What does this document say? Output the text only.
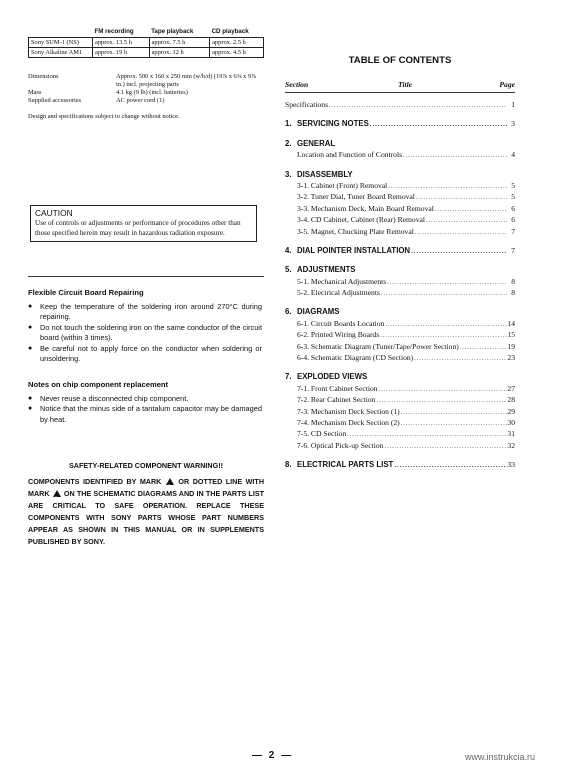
	FM recording	Tape playback	CD playback
Sony SUM-1 (NS)	approx. 13.5 h	approx. 7.5 h	approx. 2.5 h
Sony Alkaline AM1	approx. 19 h	approx. 12 h	approx. 4.5 h
Dimensions	Approx. 500 x 160 x 250 mm (w/h/d) (19⅞ x 6⅜ x 9⅞ in.) incl. projecting parts
Mass	4.1 kg (9 lb) (incl. batteries)
Supplied accessories	AC power cord (1)
Design and specifications subject to change without notice.
CAUTION
Use of controls or adjustments or performance of procedures other than those specified herein may result in hazardous radiation exposure.
Flexible Circuit Board Repairing
●	Keep the temperature of the soldering iron around 270°C during repairing.
●	Do not touch the soldering iron on the same conductor of the circuit board (within 3 times).
●	Be careful not to apply force on the conductor when soldering or unsoldering.
Notes on chip component replacement
●	Never reuse a disconnected chip component.
●	Notice that the minus side of a tantalum capacitor may be damaged by heat.
SAFETY-RELATED COMPONENT WARNING!!
COMPONENTS IDENTIFIED BY MARK ! OR DOTTED LINE WITH MARK ! ON THE SCHEMATIC DIAGRAMS AND IN THE PARTS LIST ARE CRITICAL TO SAFE OPERATION. REPLACE THESE COMPONENTS WITH SONY PARTS WHOSE PART NUMBERS APPEAR AS SHOWN IN THIS MANUAL OR IN SUPPLEMENTS PUBLISHED BY SONY.
TABLE OF CONTENTS
Section	Title	Page
Specifications .....	1
1. SERVICING NOTES .....	3
2. GENERAL
Location and Function of Controls .....	4
3. DISASSEMBLY
3-1. Cabinet (Front) Removal .....	5
3-2. Tuner Dial, Tuner Board Removal .....	5
3-3. Mechanism Deck, Main Board Removal .....	6
3-4. CD Cabinet, Cabinet (Rear) Removal .....	6
3-5. Magnet, Chucking Plate Removal .....	7
4. DIAL POINTER INSTALLATION .....	7
5. ADJUSTMENTS
5-1. Mechanical Adjustments .....	8
5-2. Electrical Adjustments .....	8
6. DIAGRAMS
6-1. Circuit Boards Location .....	14
6-2. Printed Wiring Boards .....	15
6-3. Schematic Diagram (Tuner/Tape/Power Section) .....	19
6-4. Schematic Diagram (CD Section) .....	23
7. EXPLODED VIEWS
7-1. Front Cabinet Section .....	27
7-2. Rear Cabinet Section .....	28
7-3. Mechanism Deck Section (1) .....	29
7-4. Mechanism Deck Section (2) .....	30
7-5. CD Section .....	31
7-6. Optical Pick-up Section .....	32
8. ELECTRICAL PARTS LIST .....	33
— 2 —	www.instrukcia.ru
